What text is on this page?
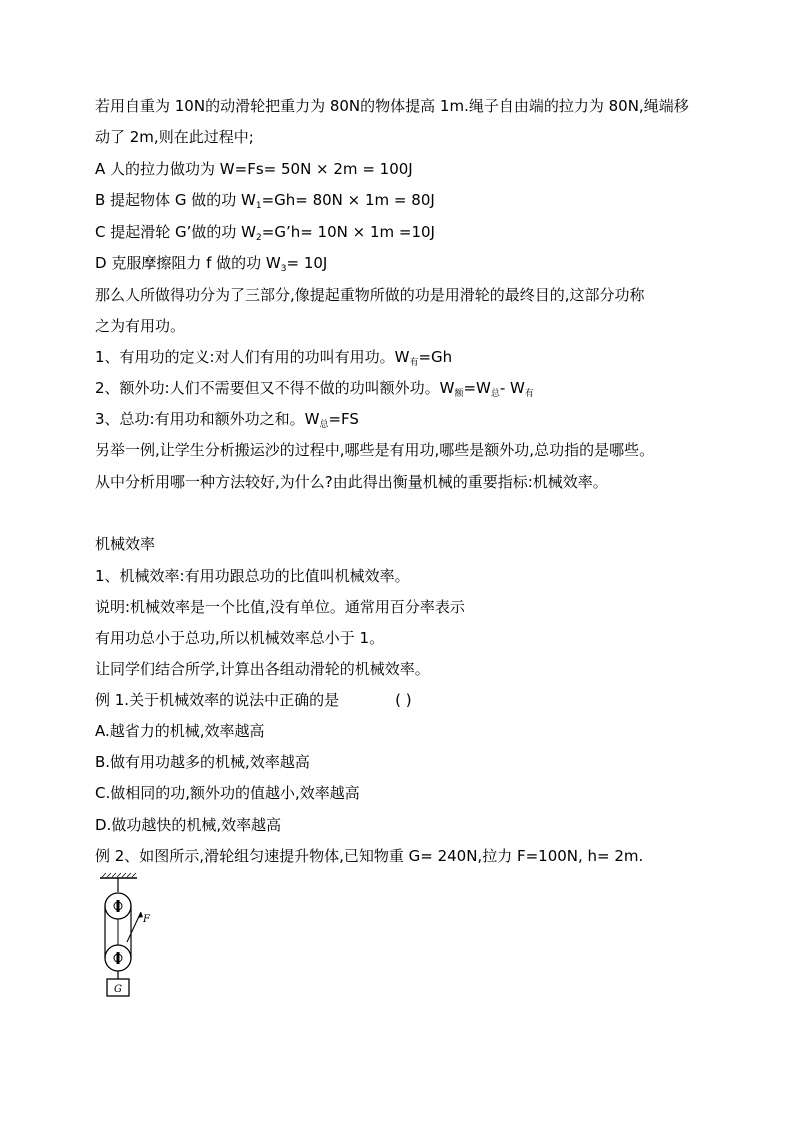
若用自重为 10N的动滑轮把重力为 80N的物体提高 1m.绳子自由端的拉力为 80N,绳端移
动了 2m,则在此过程中;
A 人的拉力做功为 W=Fs= 50N × 2m = 100J
B 提起物体 G 做的功 $W_1=Gh= 80N \times 1m = 80J$
C 提起滑轮 G’做的功 $W_2=G’h= 10N \times 1m =10J$
D 克服摩擦阻力 f 做的功 $W_3= 10J$
那么人所做得功分为了三部分,像提起重物所做的功是用滑轮的最终目的,这部分功称
之为有用功。
1、有用功的定义:对人们有用的功叫有用功。$W_有=Gh$
2、额外功:人们不需要但又不得不做的功叫额外功。$W_额=W_总-$ $W_有$
3、总功:有用功和额外功之和。$W_总=FS$
另举一例,让学生分析搬运沙的过程中,哪些是有用功,哪些是额外功,总功指的是哪些。
从中分析用哪一种方法较好,为什么?由此得出衡量机械的重要指标:机械效率。
机械效率
1、机械效率:有用功跟总功的比值叫机械效率。
说明:机械效率是一个比值,没有单位。通常用百分率表示
有用功总小于总功,所以机械效率总小于 1。
让同学们结合所学,计算出各组动滑轮的机械效率。
例 1.关于机械效率的说法中正确的是	( )
A.越省力的机械,效率越高
B.做有用功越多的机械,效率越高
C.做相同的功,额外功的值越小,效率越高
D.做功越快的机械,效率越高
例 2、如图所示,滑轮组匀速提升物体,已知物重 G= 240N,拉力 F=100N, h= 2m.
F
G
